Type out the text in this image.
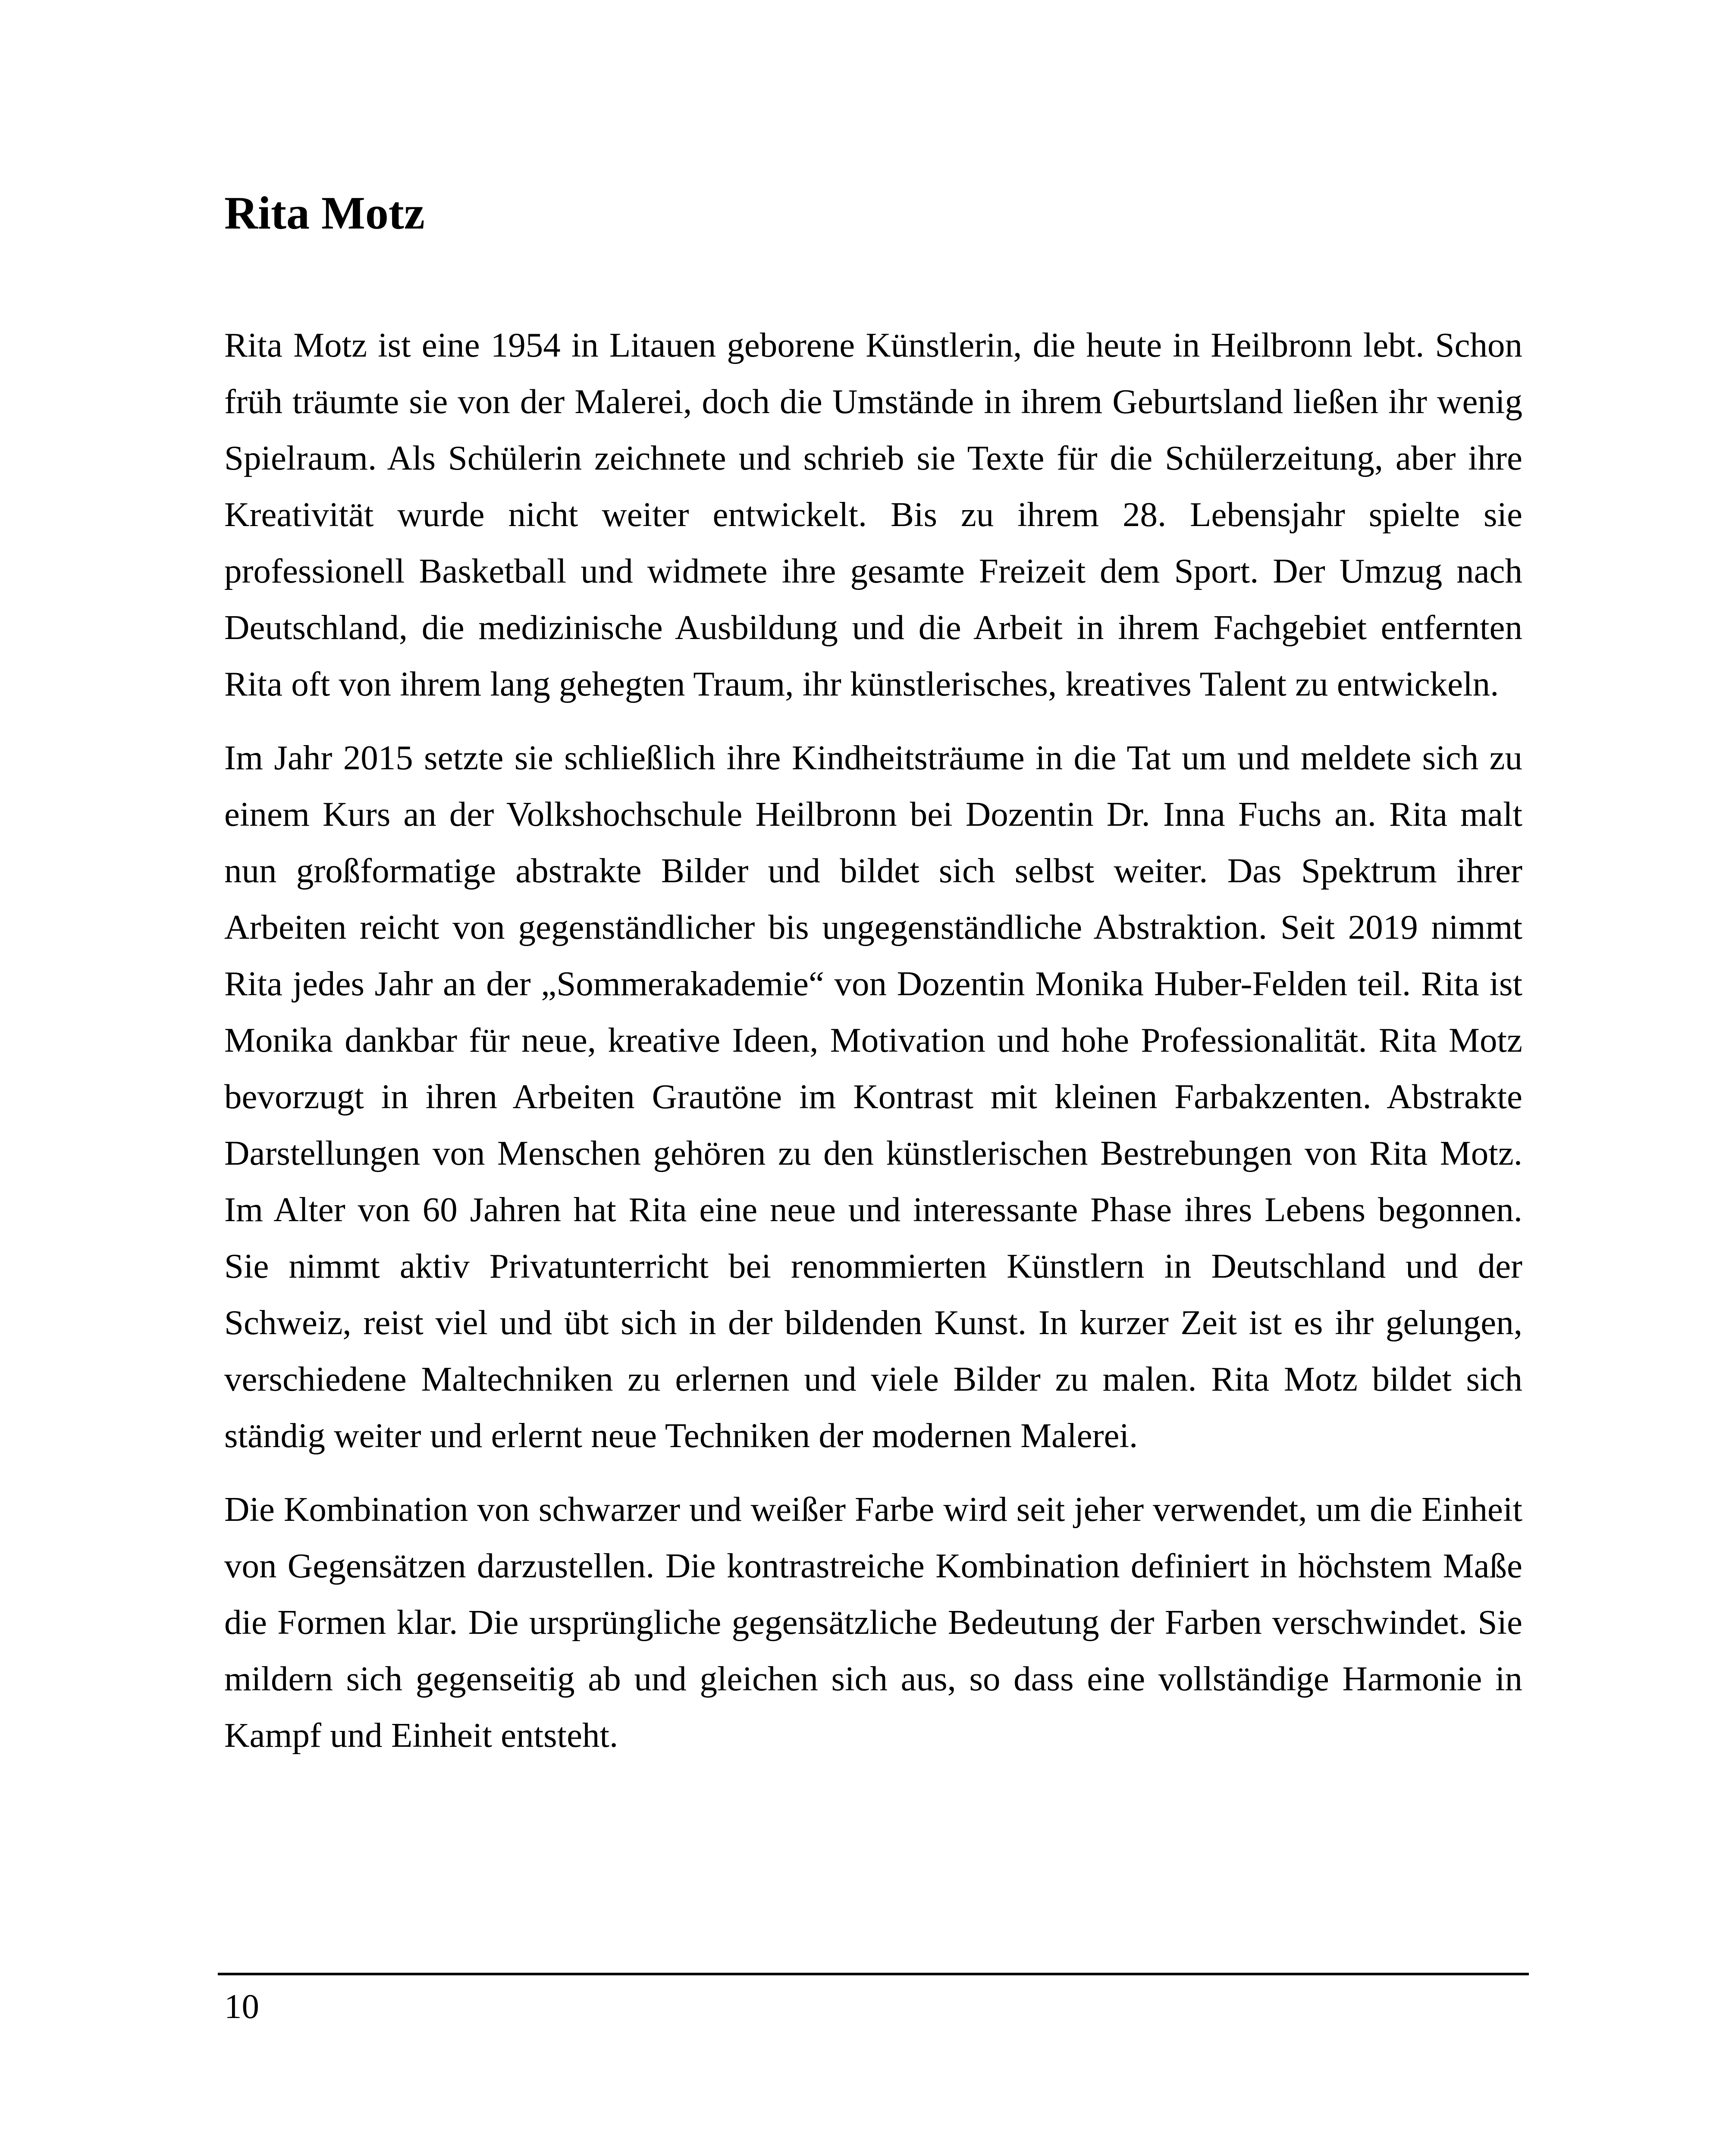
Rita Motz

Rita Motz ist eine 1954 in Litauen geborene Künstlerin, die heute in Heilbronn lebt. Schon früh träumte sie von der Malerei, doch die Umstände in ihrem Geburtsland ließen ihr wenig Spielraum. Als Schülerin zeichnete und schrieb sie Texte für die Schülerzeitung, aber ihre Kreativität wurde nicht weiter entwickelt. Bis zu ihrem 28. Lebensjahr spielte sie professionell Basketball und widmete ihre gesamte Freizeit dem Sport. Der Umzug nach Deutschland, die medizinische Ausbildung und die Arbeit in ihrem Fachgebiet entfernten Rita oft von ihrem lang gehegten Traum, ihr künstlerisches, kreatives Talent zu entwickeln.

Im Jahr 2015 setzte sie schließlich ihre Kindheitsträume in die Tat um und meldete sich zu einem Kurs an der Volkshochschule Heilbronn bei Dozentin Dr. Inna Fuchs an. Rita malt nun großformatige abstrakte Bilder und bildet sich selbst weiter. Das Spektrum ihrer Arbeiten reicht von gegenständlicher bis ungegenständliche Abstraktion. Seit 2019 nimmt Rita jedes Jahr an der „Sommerakademie“ von Dozentin Monika Huber-Felden teil. Rita ist Monika dankbar für neue, kreative Ideen, Motivation und hohe Professionalität. Rita Motz bevorzugt in ihren Arbeiten Grautöne im Kontrast mit kleinen Farbakzenten. Abstrakte Darstellungen von Menschen gehören zu den künstlerischen Bestrebungen von Rita Motz. Im Alter von 60 Jahren hat Rita eine neue und interessante Phase ihres Lebens begonnen. Sie nimmt aktiv Privatunterricht bei renommierten Künstlern in Deutschland und der Schweiz, reist viel und übt sich in der bildenden Kunst. In kurzer Zeit ist es ihr gelungen, verschiedene Maltechniken zu erlernen und viele Bilder zu malen. Rita Motz bildet sich ständig weiter und erlernt neue Techniken der modernen Malerei.

Die Kombination von schwarzer und weißer Farbe wird seit jeher verwendet, um die Einheit von Gegensätzen darzustellen. Die kontrastreiche Kombination definiert in höchstem Maße die Formen klar. Die ursprüngliche gegensätzliche Bedeutung der Farben verschwindet. Sie mildern sich gegenseitig ab und gleichen sich aus, so dass eine vollständige Harmonie in Kampf und Einheit entsteht.

10
